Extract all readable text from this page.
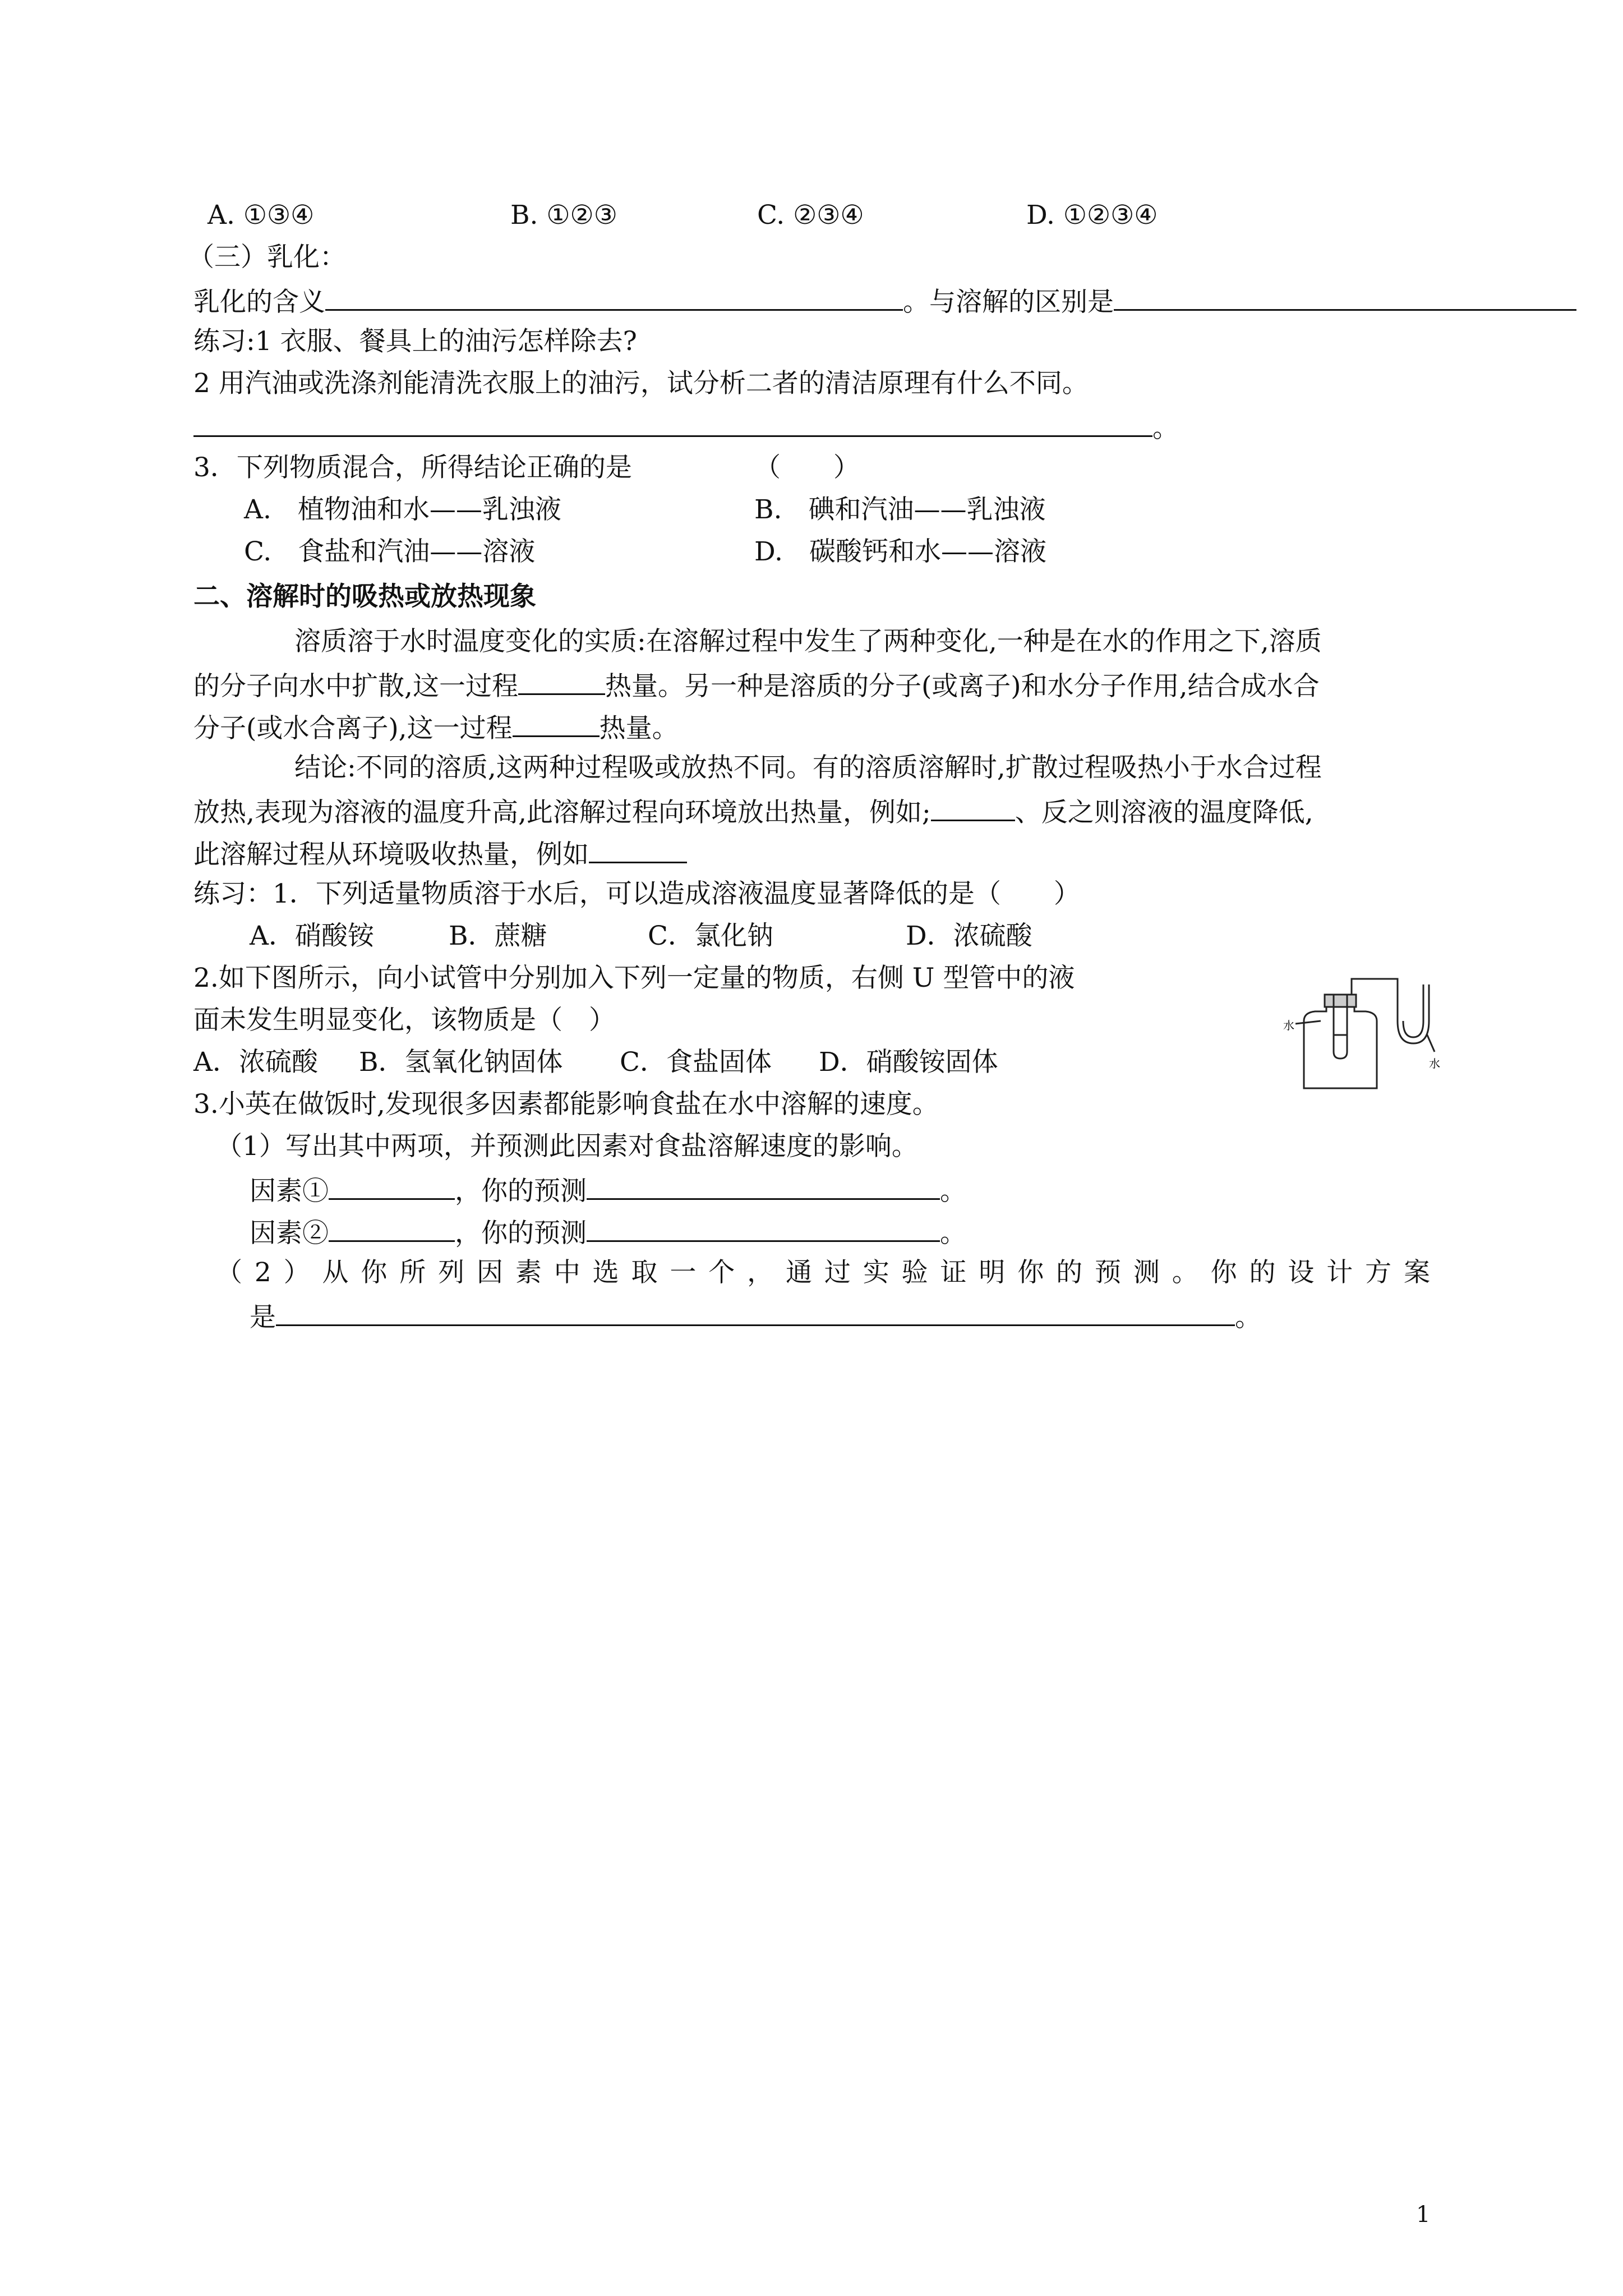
A. ①③④	B. ①②③	C. ②③④	D. ①②③④
（三）乳化：
乳化的含义	。与溶解的区别是
练习:1 衣服、餐具上的油污怎样除去?
2 用汽油或洗涤剂能清洗衣服上的油污，试分析二者的清洁原理有什么不同。
。
3．下列物质混合，所得结论正确的是	（　　）
A.　植物油和水——乳浊液	B.　碘和汽油——乳浊液
C.　食盐和汽油——溶液	D.　碳酸钙和水——溶液
二、溶解时的吸热或放热现象
溶质溶于水时温度变化的实质:在溶解过程中发生了两种变化,一种是在水的作用之下,溶质
的分子向水中扩散,这一过程	热量。另一种是溶质的分子(或离子)和水分子作用,结合成水合
分子(或水合离子),这一过程	热量。
结论:不同的溶质,这两种过程吸或放热不同。有的溶质溶解时,扩散过程吸热小于水合过程
放热,表现为溶液的温度升高,此溶解过程向环境放出热量，例如;	、反之则溶液的温度降低,
此溶解过程从环境吸收热量，例如
练习：1．下列适量物质溶于水后，可以造成溶液温度显著降低的是（　　）
A．硝酸铵	B．蔗糖	C．氯化钠	D．浓硫酸
2.如下图所示，向小试管中分别加入下列一定量的物质，右侧 U 型管中的液
面未发生明显变化，该物质是（　）
A．浓硫酸 B．氢氧化钠固体 C．食盐固体 D．硝酸铵固体
水
水
3.小英在做饭时,发现很多因素都能影响食盐在水中溶解的速度。
（1）写出其中两项，并预测此因素对食盐溶解速度的影响。
因素①	，你的预测	。
因素②	，你的预测	。
（2）从你所列因素中选取一个，通过实验证明你的预测。你的设计方案
是	。
1
